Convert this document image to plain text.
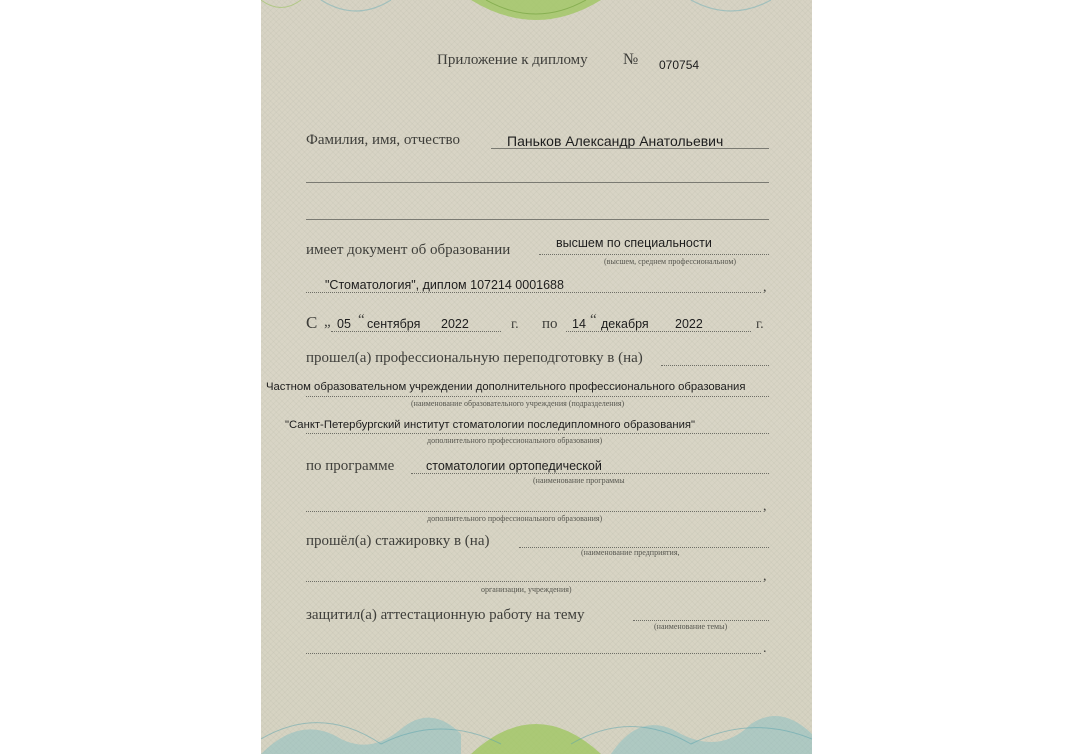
Приложение к диплому № 070754
Фамилия, имя, отчество	Паньков Александр Анатольевич
имеет документ об образовании	высшем по специальности
(высшем, среднем профессиональном)
"Стоматология", диплом 107214 0001688	,
С „ 05 “ сентября 2022	г. по 14 “ декабря 2022	г.
прошел(а) профессиональную переподготовку в (на)
Частном образовательном учреждении дополнительного профессионального образования
(наименование образовательного учреждения (подразделения)
"Санкт-Петербургский институт стоматологии последипломного образования"
дополнительного профессионального образования)
по программе	стоматологии ортопедической
(наименование программы
,
дополнительного профессионального образования)
прошёл(а) стажировку в (на)
(наименование предприятия,
,
организации, учреждения)
защитил(а) аттестационную работу на тему
(наименование темы)
.
